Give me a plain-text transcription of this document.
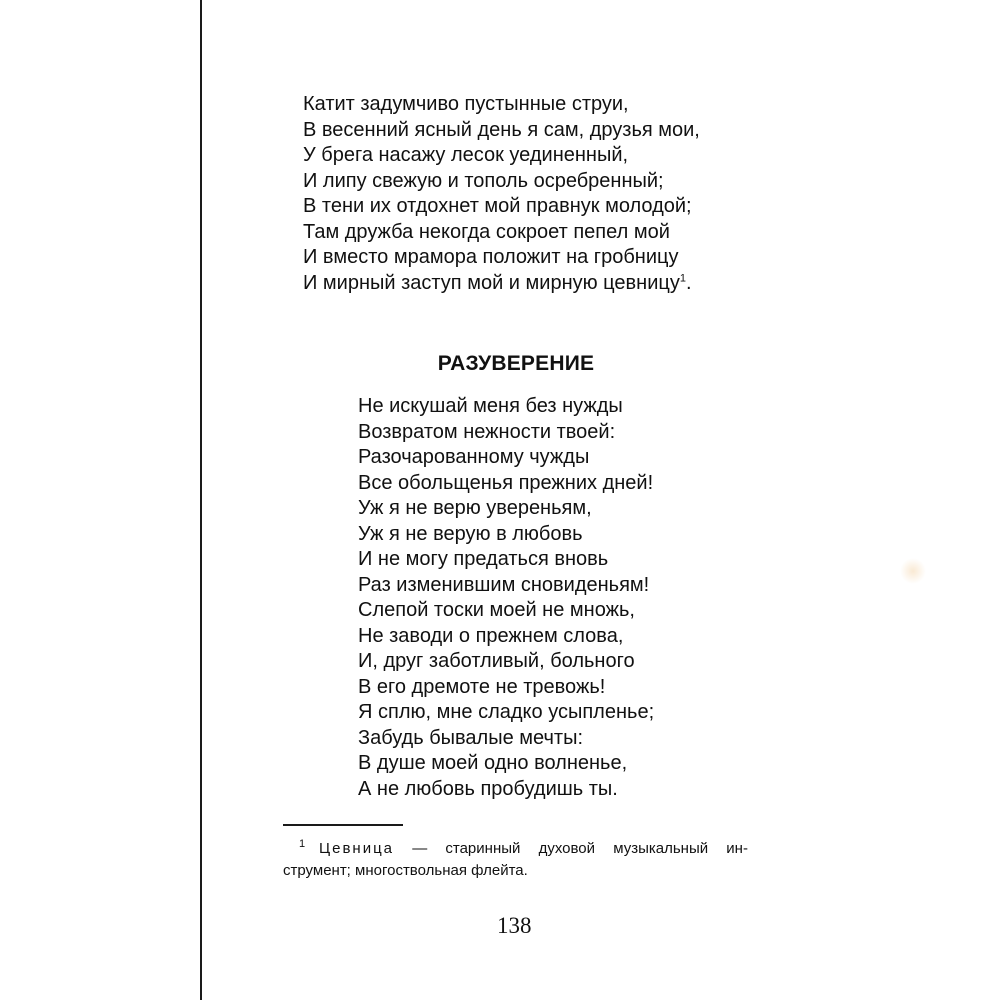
Катит задумчиво пустынные струи,
В весенний ясный день я сам, друзья мои,
У брега насажу лесок уединенный,
И липу свежую и тополь осребренный;
В тени их отдохнет мой правнук молодой;
Там дружба некогда сокроет пепел мой
И вместо мрамора положит на гробницу
И мирный заступ мой и мирную цевницу$^1$.
РАЗУВЕРЕНИЕ
Не искушай меня без нужды
Возвратом нежности твоей:
Разочарованному чужды
Все обольщенья прежних дней!
Уж я не верю увереньям,
Уж я не верую в любовь
И не могу предаться вновь
Раз изменившим сновиденьям!
Слепой тоски моей не множь,
Не заводи о прежнем слова,
И, друг заботливый, больного
В его дремоте не тревожь!
Я сплю, мне сладко усыпленье;
Забудь бывалые мечты:
В душе моей одно волненье,
А не любовь пробудишь ты.
1 Цевница — старинный духовой музыкальный ин-
струмент; многоствольная флейта.
138
